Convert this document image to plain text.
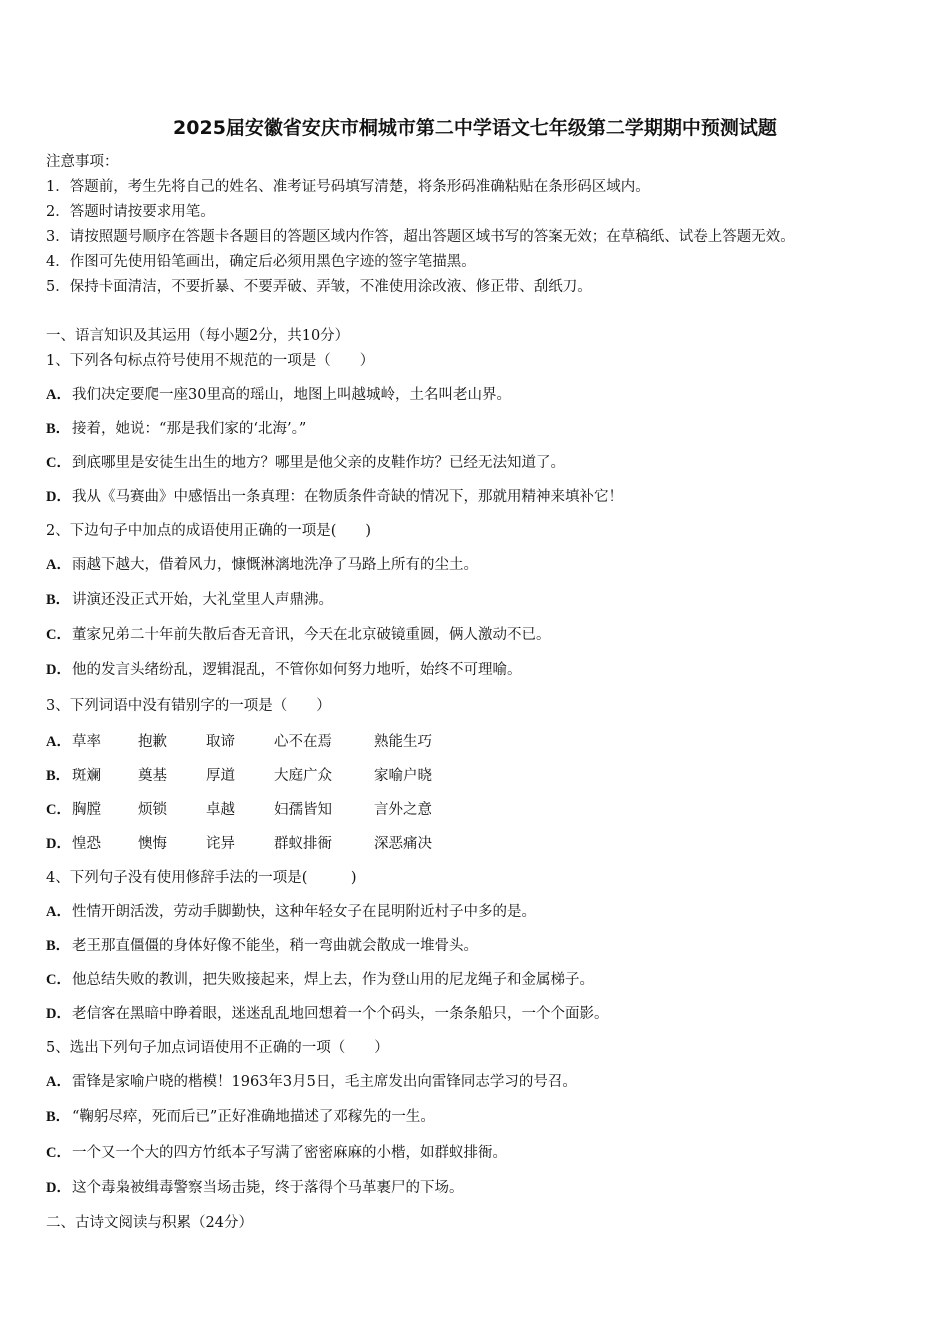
2025届安徽省安庆市桐城市第二中学语文七年级第二学期期中预测试题
注意事项：
1．答题前，考生先将自己的姓名、准考证号码填写清楚，将条形码准确粘贴在条形码区域内。
2．答题时请按要求用笔。
3．请按照题号顺序在答题卡各题目的答题区域内作答，超出答题区域书写的答案无效；在草稿纸、试卷上答题无效。
4．作图可先使用铅笔画出，确定后必须用黑色字迹的签字笔描黑。
5．保持卡面清洁，不要折暴、不要弄破、弄皱，不准使用涂改液、修正带、刮纸刀。
一、语言知识及其运用（每小题2分，共10分）
1、下列各句标点符号使用不规范的一项是（　　）
A．我们决定要爬一座30里高的瑶山，地图上叫越城岭，土名叫老山界。
B． 接着，她说：“那是我们家的‘北海’。”
C．到底哪里是安徒生出生的地方？哪里是他父亲的皮鞋作坊？已经无法知道了。
D．我从《马赛曲》中感悟出一条真理：在物质条件奇缺的情况下，那就用精神来填补它！
2、下边句子中加点的成语使用正确的一项是(　　)
A．雨越下越大，借着风力，慷慨淋漓地洗净了马路上所有的尘土。
B． 讲演还没正式开始，大礼堂里人声鼎沸。
C．董家兄弟二十年前失散后杳无音讯，今天在北京破镜重圆，俩人激动不已。
D．他的发言头绪纷乱，逻辑混乱，不管你如何努力地听，始终不可理喻。
3、下列词语中没有错别字的一项是（　　）
A．草率	抱歉	取谛	心不在焉	熟能生巧
B． 斑斓	奠基	厚道	大庭广众	家喻户晓
C．胸膛	烦锁	卓越	妇孺皆知	言外之意
D．惶恐	懊悔	诧异	群蚁排衙	深恶痛决
4、下列句子没有使用修辞手法的一项是(　　　)
A．性情开朗活泼，劳动手脚勤快，这种年轻女子在昆明附近村子中多的是。
B． 老王那直僵僵的身体好像不能坐，稍一弯曲就会散成一堆骨头。
C．他总结失败的教训，把失败接起来，焊上去，作为登山用的尼龙绳子和金属梯子。
D．老信客在黑暗中睁着眼，迷迷乱乱地回想着一个个码头，一条条船只，一个个面影。
5、选出下列句子加点词语使用不正确的一项（　　）
A．雷锋是家喻户晓的楷模！1963年3月5日，毛主席发出向雷锋同志学习的号召。
B． “鞠躬尽瘁，死而后已”正好准确地描述了邓稼先的一生。
C．一个又一个大的四方竹纸本子写满了密密麻麻的小楷，如群蚁排衙。
D．这个毒枭被缉毒警察当场击毙，终于落得个马革裹尸的下场。
二、古诗文阅读与积累（24分）
